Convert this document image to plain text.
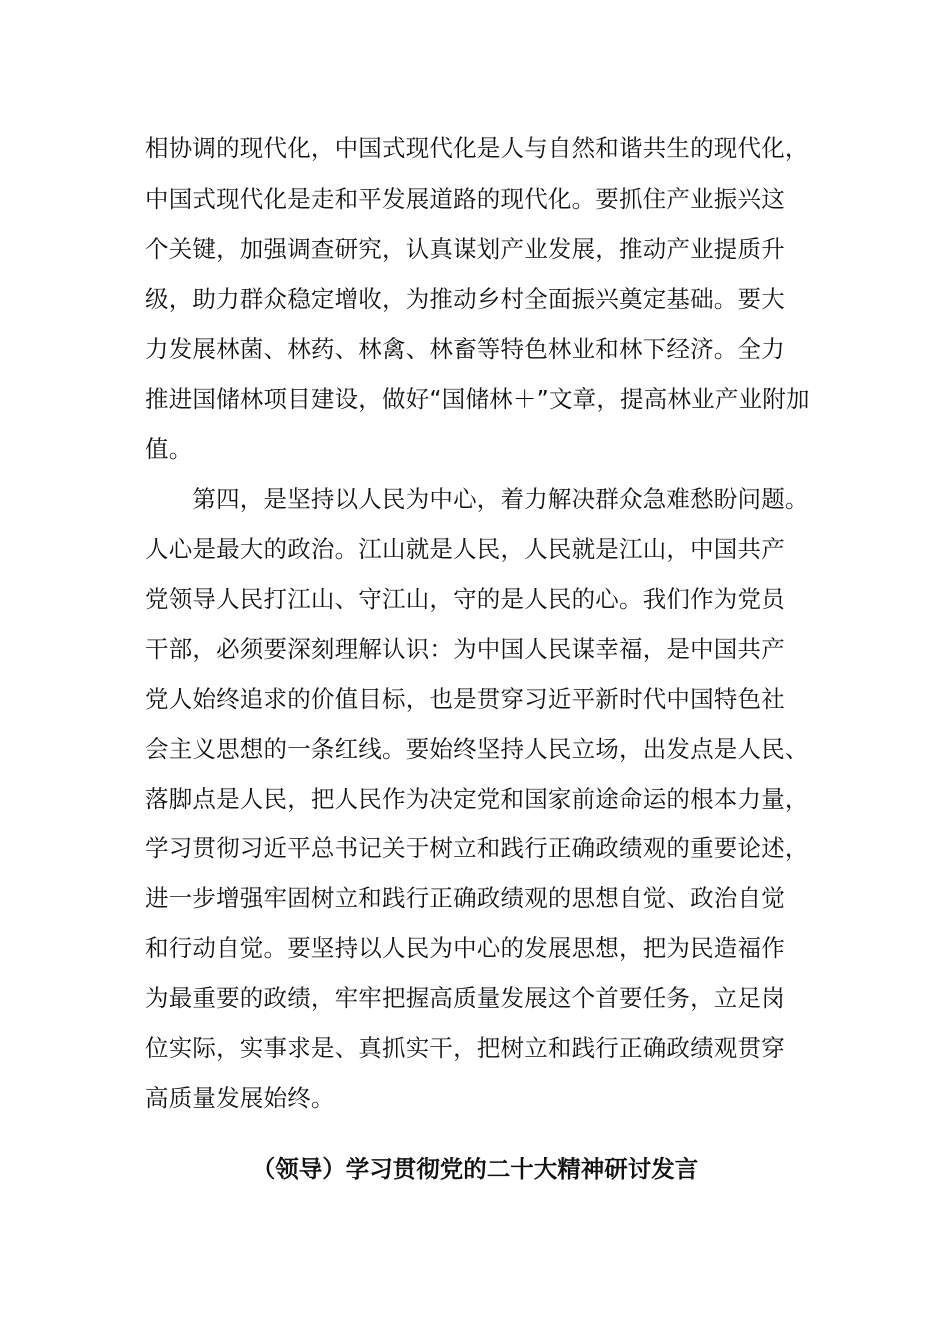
相协调的现代化，中国式现代化是人与自然和谐共生的现代化，
中国式现代化是走和平发展道路的现代化。要抓住产业振兴这
个关键，加强调查研究，认真谋划产业发展，推动产业提质升
级，助力群众稳定增收，为推动乡村全面振兴奠定基础。要大
力发展林菌、林药、林禽、林畜等特色林业和林下经济。全力
推进国储林项目建设，做好“国储林＋”文章，提高林业产业附加
值。
　　第四，是坚持以人民为中心，着力解决群众急难愁盼问题。
人心是最大的政治。江山就是人民，人民就是江山，中国共产
党领导人民打江山、守江山，守的是人民的心。我们作为党员
干部，必须要深刻理解认识：为中国人民谋幸福，是中国共产
党人始终追求的价值目标，也是贯穿习近平新时代中国特色社
会主义思想的一条红线。要始终坚持人民立场，出发点是人民、
落脚点是人民，把人民作为决定党和国家前途命运的根本力量，
学习贯彻习近平总书记关于树立和践行正确政绩观的重要论述，
进一步增强牢固树立和践行正确政绩观的思想自觉、政治自觉
和行动自觉。要坚持以人民为中心的发展思想，把为民造福作
为最重要的政绩，牢牢把握高质量发展这个首要任务，立足岗
位实际，实事求是、真抓实干，把树立和践行正确政绩观贯穿
高质量发展始终。
（领导）学习贯彻党的二十大精神研讨发言
